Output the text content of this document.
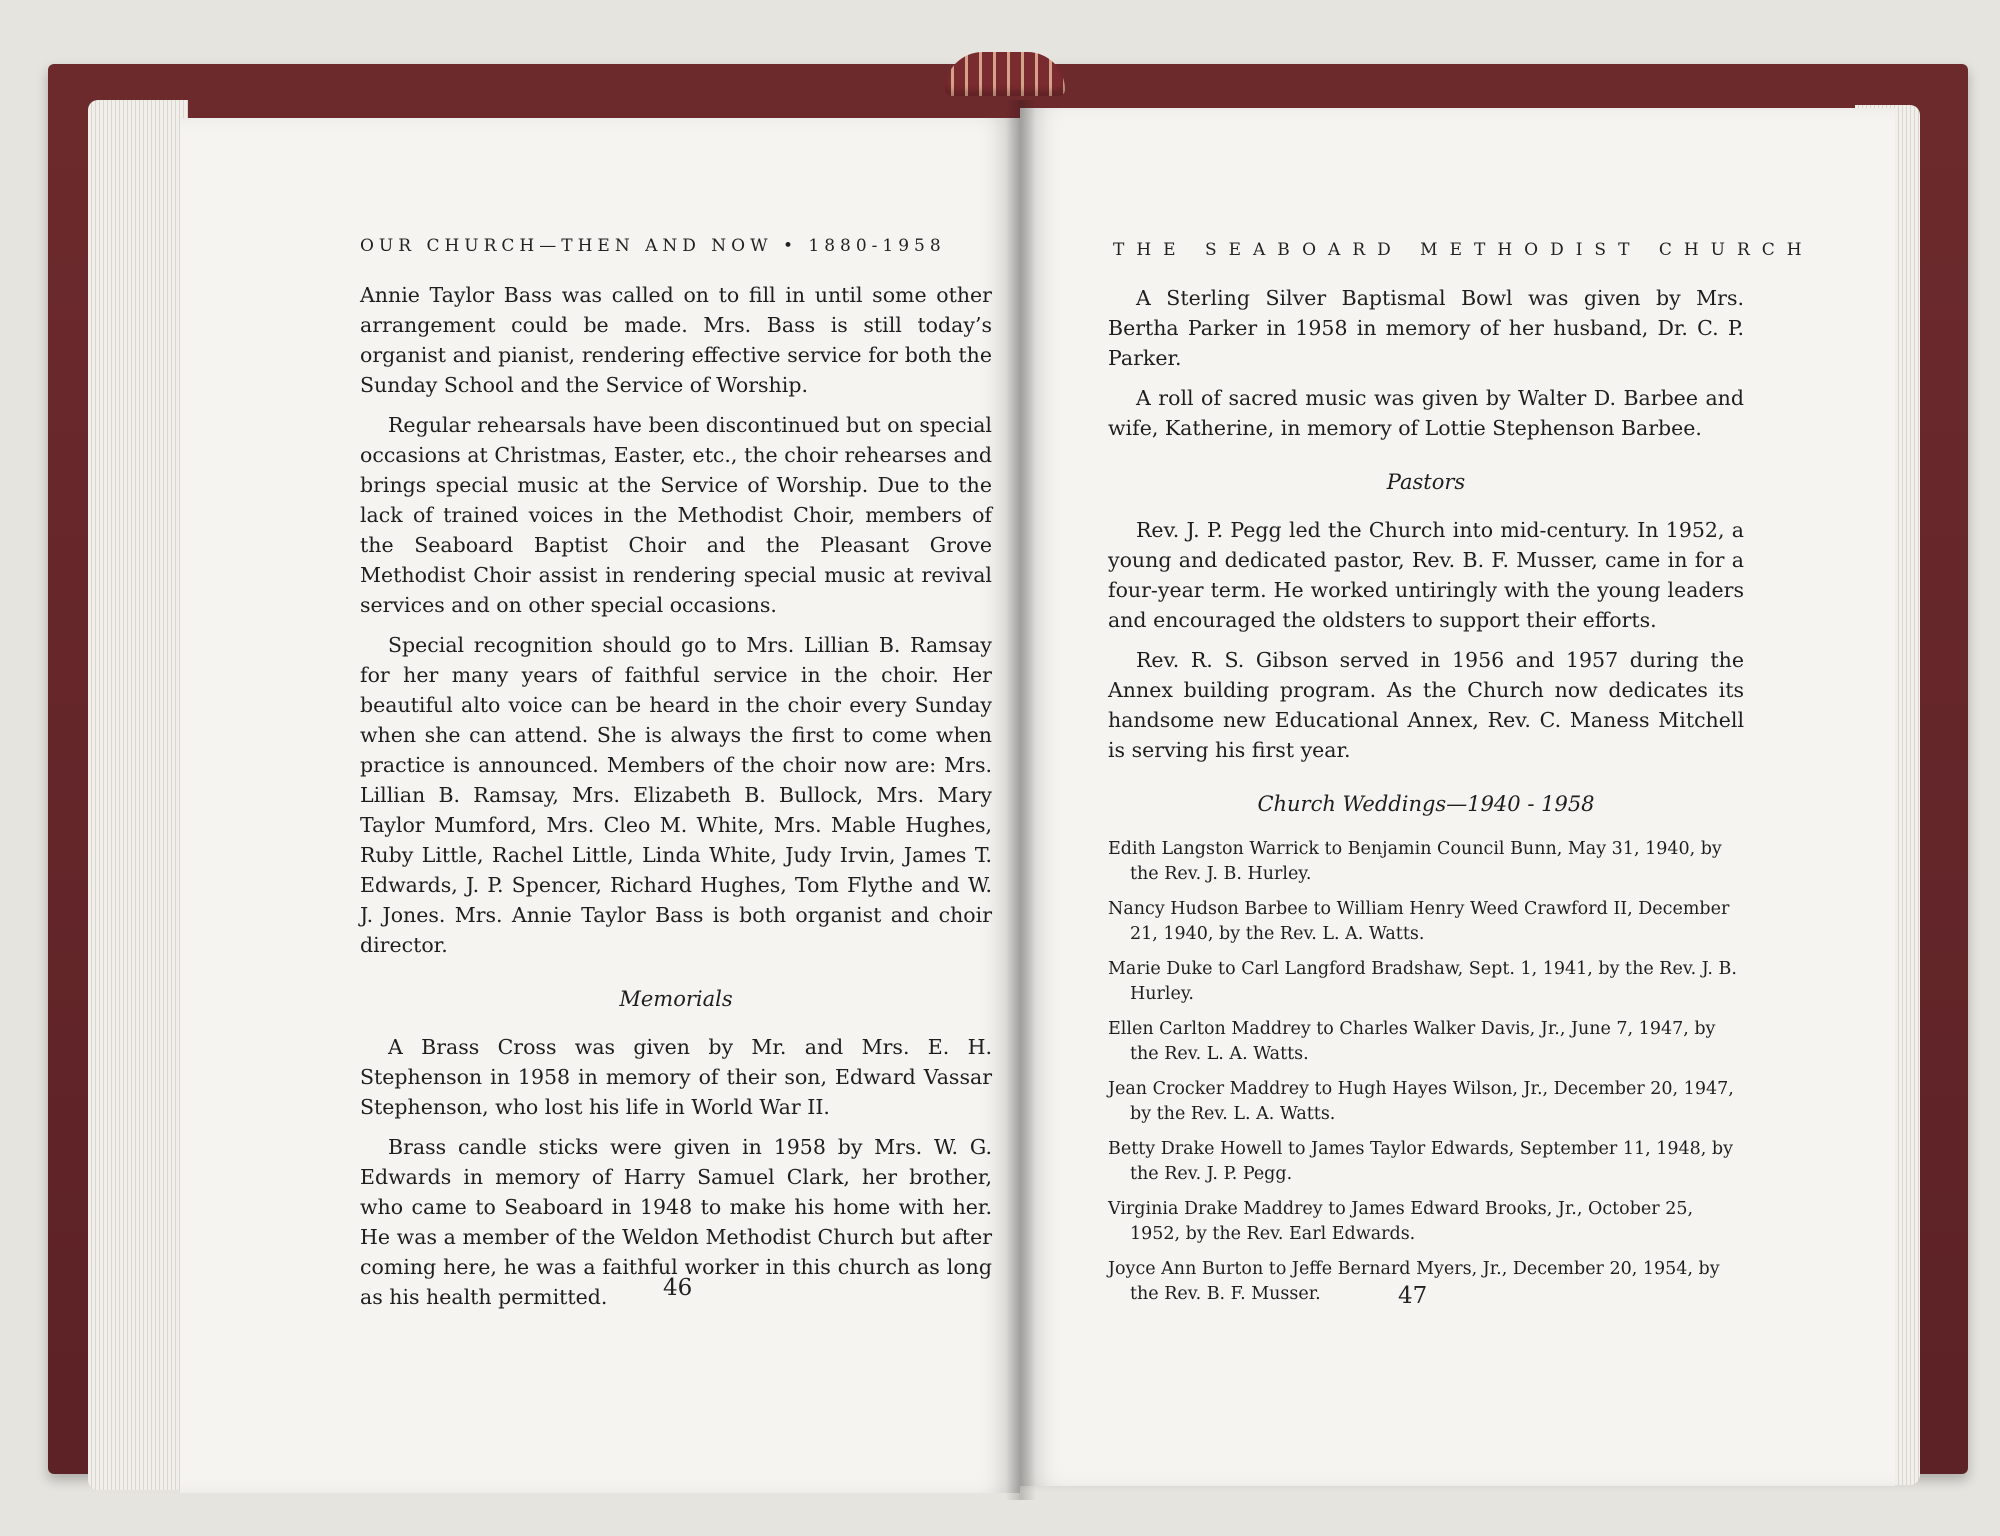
OUR CHURCH—THEN AND NOW • 1880-1958

Annie Taylor Bass was called on to fill in until some other arrangement could be made. Mrs. Bass is still today’s organist and pianist, rendering effective service for both the Sunday School and the Service of Worship.

Regular rehearsals have been discontinued but on special occasions at Christmas, Easter, etc., the choir rehearses and brings special music at the Service of Worship. Due to the lack of trained voices in the Methodist Choir, members of the Seaboard Baptist Choir and the Pleasant Grove Methodist Choir assist in rendering special music at revival services and on other special occasions.

Special recognition should go to Mrs. Lillian B. Ramsay for her many years of faithful service in the choir. Her beautiful alto voice can be heard in the choir every Sunday when she can attend. She is always the first to come when practice is announced. Members of the choir now are: Mrs. Lillian B. Ramsay, Mrs. Elizabeth B. Bullock, Mrs. Mary Taylor Mumford, Mrs. Cleo M. White, Mrs. Mable Hughes, Ruby Little, Rachel Little, Linda White, Judy Irvin, James T. Edwards, J. P. Spencer, Richard Hughes, Tom Flythe and W. J. Jones. Mrs. Annie Taylor Bass is both organist and choir director.

Memorials

A Brass Cross was given by Mr. and Mrs. E. H. Stephenson in 1958 in memory of their son, Edward Vassar Stephenson, who lost his life in World War II.

Brass candle sticks were given in 1958 by Mrs. W. G. Edwards in memory of Harry Samuel Clark, her brother, who came to Seaboard in 1948 to make his home with her. He was a member of the Weldon Methodist Church but after coming here, he was a faithful worker in this church as long as his health permitted.	46
THE SEABOARD METHODIST CHURCH

A Sterling Silver Baptismal Bowl was given by Mrs. Bertha Parker in 1958 in memory of her husband, Dr. C. P. Parker.

A roll of sacred music was given by Walter D. Barbee and wife, Katherine, in memory of Lottie Stephenson Barbee.

Pastors

Rev. J. P. Pegg led the Church into mid-century. In 1952, a young and dedicated pastor, Rev. B. F. Musser, came in for a four-year term. He worked untiringly with the young leaders and encouraged the oldsters to support their efforts.

Rev. R. S. Gibson served in 1956 and 1957 during the Annex building program. As the Church now dedicates its handsome new Educational Annex, Rev. C. Maness Mitchell is serving his first year.

Church Weddings—1940 - 1958
Edith Langston Warrick to Benjamin Council Bunn, May 31, 1940, by the Rev. J. B. Hurley.
Nancy Hudson Barbee to William Henry Weed Crawford II, December 21, 1940, by the Rev. L. A. Watts.
Marie Duke to Carl Langford Bradshaw, Sept. 1, 1941, by the Rev. J. B. Hurley.
Ellen Carlton Maddrey to Charles Walker Davis, Jr., June 7, 1947, by the Rev. L. A. Watts.
Jean Crocker Maddrey to Hugh Hayes Wilson, Jr., December 20, 1947, by the Rev. L. A. Watts.
Betty Drake Howell to James Taylor Edwards, September 11, 1948, by the Rev. J. P. Pegg.
Virginia Drake Maddrey to James Edward Brooks, Jr., October 25, 1952, by the Rev. Earl Edwards.
Joyce Ann Burton to Jeffe Bernard Myers, Jr., December 20, 1954, by the Rev. B. F. Musser.	47
